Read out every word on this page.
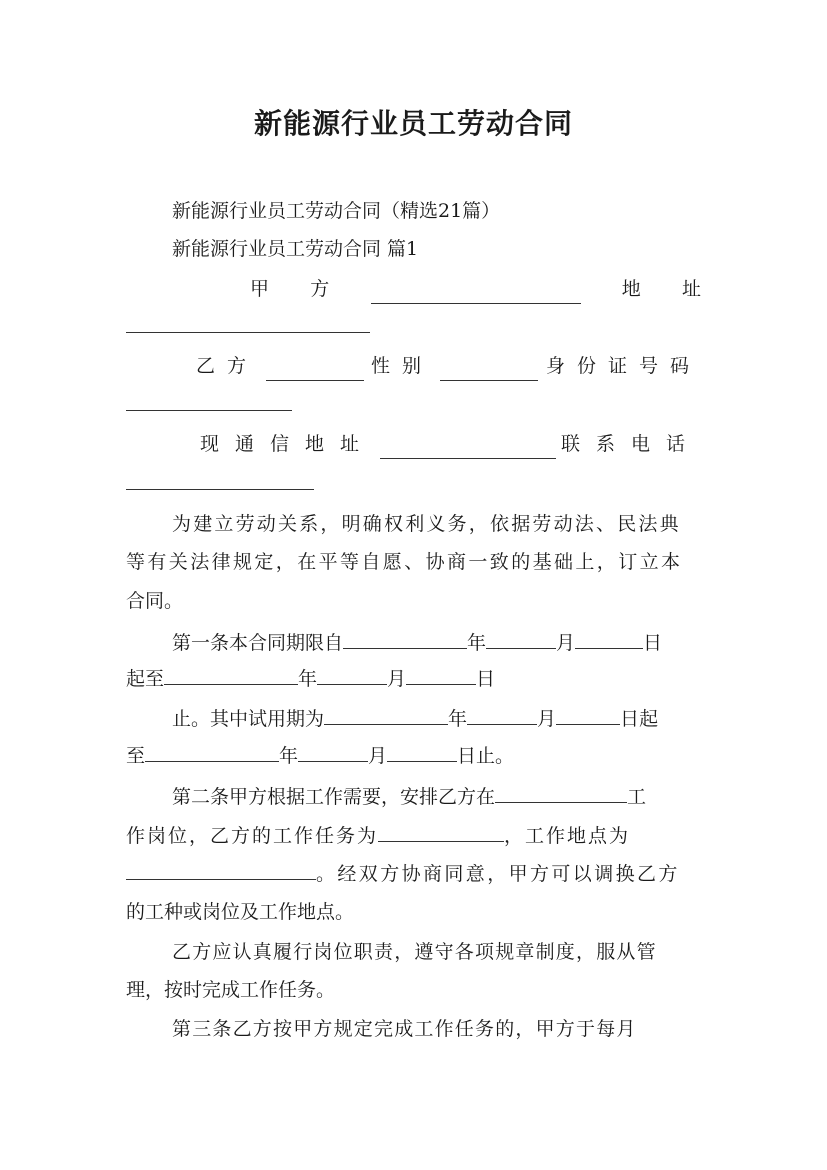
新能源行业员工劳动合同
新能源行业员工劳动合同（精选21篇）
新能源行业员工劳动合同 篇1
甲 方	地 址
乙方	性别	身份证号码
现通信地址	联系电话
为建立劳动关系，明确权利义务，依据劳动法、民法典
等有关法律规定，在平等自愿、协商一致的基础上，订立本
合同。
第一条本合同期限自	年	月	日
起至	年	月	日
止。其中试用期为	年	月	日起
至	年	月	日止。
第二条甲方根据工作需要，安排乙方在	工
作岗位，乙方的工作任务为	，工作地点为
。经双方协商同意，甲方可以调换乙方
的工种或岗位及工作地点。
乙方应认真履行岗位职责，遵守各项规章制度，服从管
理，按时完成工作任务。
第三条乙方按甲方规定完成工作任务的，甲方于每月
